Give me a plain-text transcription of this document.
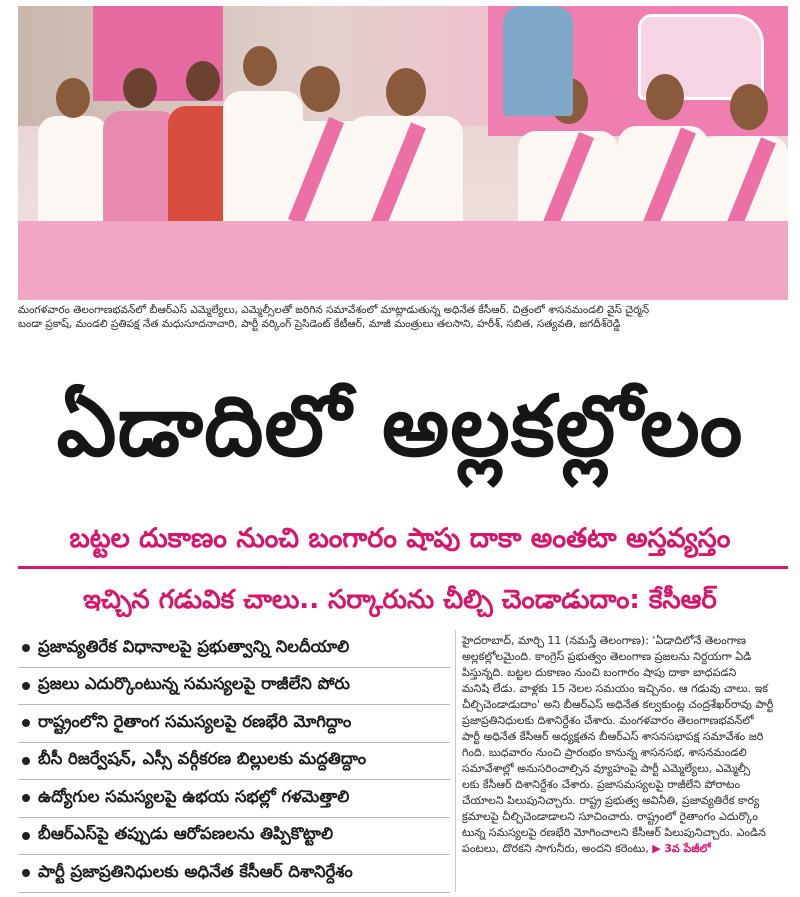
మంగళవారం తెలంగాణభవన్‌లో బీఆర్ఎస్ ఎమ్మెల్యేలు, ఎమ్మెల్సీలతో జరిగిన సమావేశంలో మాట్లాడుతున్న అధినేత కేసీఆర్. చిత్రంలో శాసనమండలి వైస్ చైర్మన్
బండా ప్రకాష్, మండలి ప్రతిపక్ష నేత మధుసూదనాచారి, పార్టీ వర్కింగ్ ప్రెసిడెంట్ కేటీఆర్, మాజీ మంత్రులు తలసాని, హరీశ్, సబిత, సత్యవతి, జగదీశ్‌రెడ్డి
ఏడాదిలో అల్లకల్లోలం
బట్టల దుకాణం నుంచి బంగారం షాపు దాకా అంతటా అస్తవ్యస్తం
ఇచ్చిన గడువిక చాలు.. సర్కారును చీల్చి చెండాడుదాం: కేసీఆర్
ప్రజావ్యతిరేక విధానాలపై ప్రభుత్వాన్ని నిలదీయాలి
ప్రజలు ఎదుర్కొంటున్న సమస్యలపై రాజీలేని పోరు
రాష్ట్రంలోని రైతాంగ సమస్యలపై రణభేరి మోగిద్దాం
బీసీ రిజర్వేషన్, ఎస్సీ వర్గీకరణ బిల్లులకు మద్దతిద్దాం
ఉద్యోగుల సమస్యలపై ఉభయ సభల్లో గళమెత్తాలి
బీఆర్ఎస్‌పై తప్పుడు ఆరోపణలను తిప్పికొట్టాలి
పార్టీ ప్రజాప్రతినిధులకు అధినేత కేసీఆర్ దిశానిర్దేశం
హైదరాబాద్, మార్చి 11 (నమస్తే తెలంగాణ): 'ఏడాదిలోనే తెలంగాణ
అల్లకల్లోలమైంది. కాంగ్రెస్ ప్రభుత్వం తెలంగాణ ప్రజలను నిర్దయగా ఏడి
పిస్తున్నది. బట్టల దుకాణం నుంచి బంగారం షాపు దాకా బాధపడని
మనిషి లేడు. వాళ్లకు 15 నెలల సమయం ఇచ్చినం. ఆ గడువు చాలు. ఇక
చీల్చిచెండాడుదాం' అని బీఆర్ఎస్ అధినేత కల్వకుంట్ల చంద్రశేఖర్‌రావు పార్టీ
ప్రజాప్రతినిధులకు దిశానిర్దేశం చేశారు. మంగళవారం తెలంగాణభవన్‌లో
పార్టీ అధినేత కేసీఆర్ అధ్యక్షతన బీఆర్ఎస్ శాసనసభాపక్ష సమావేశం జరి
గింది. బుధవారం నుంచి ప్రారంభం కానున్న శాసనసభ, శాసనమండలి
సమావేశాల్లో అనుసరించాల్సిన వ్యూహంపై పార్టీ ఎమ్మెల్యేలు, ఎమ్మెల్సీ
లకు కేసీఆర్ దిశానిర్దేశం చేశారు. ప్రజాసమస్యలపై రాజీలేని పోరాటం
చేయాలని పిలుపునిచ్చారు. రాష్ట్ర ప్రభుత్వ అవినీతి, ప్రజావ్యతిరేక కార్య
క్రమాలపై చీల్చిచెండాడాలని సూచించారు. రాష్ట్రంలో రైతాంగం ఎదుర్కొం
టున్న సమస్యలపై రణభేరి మోగించాలని కేసీఆర్ పిలుపునిచ్చారు. ఎండిన
పంటలు, దొరకని సాగునీరు, అందని కరెంటు, ▶ 3వ పేజీలో
